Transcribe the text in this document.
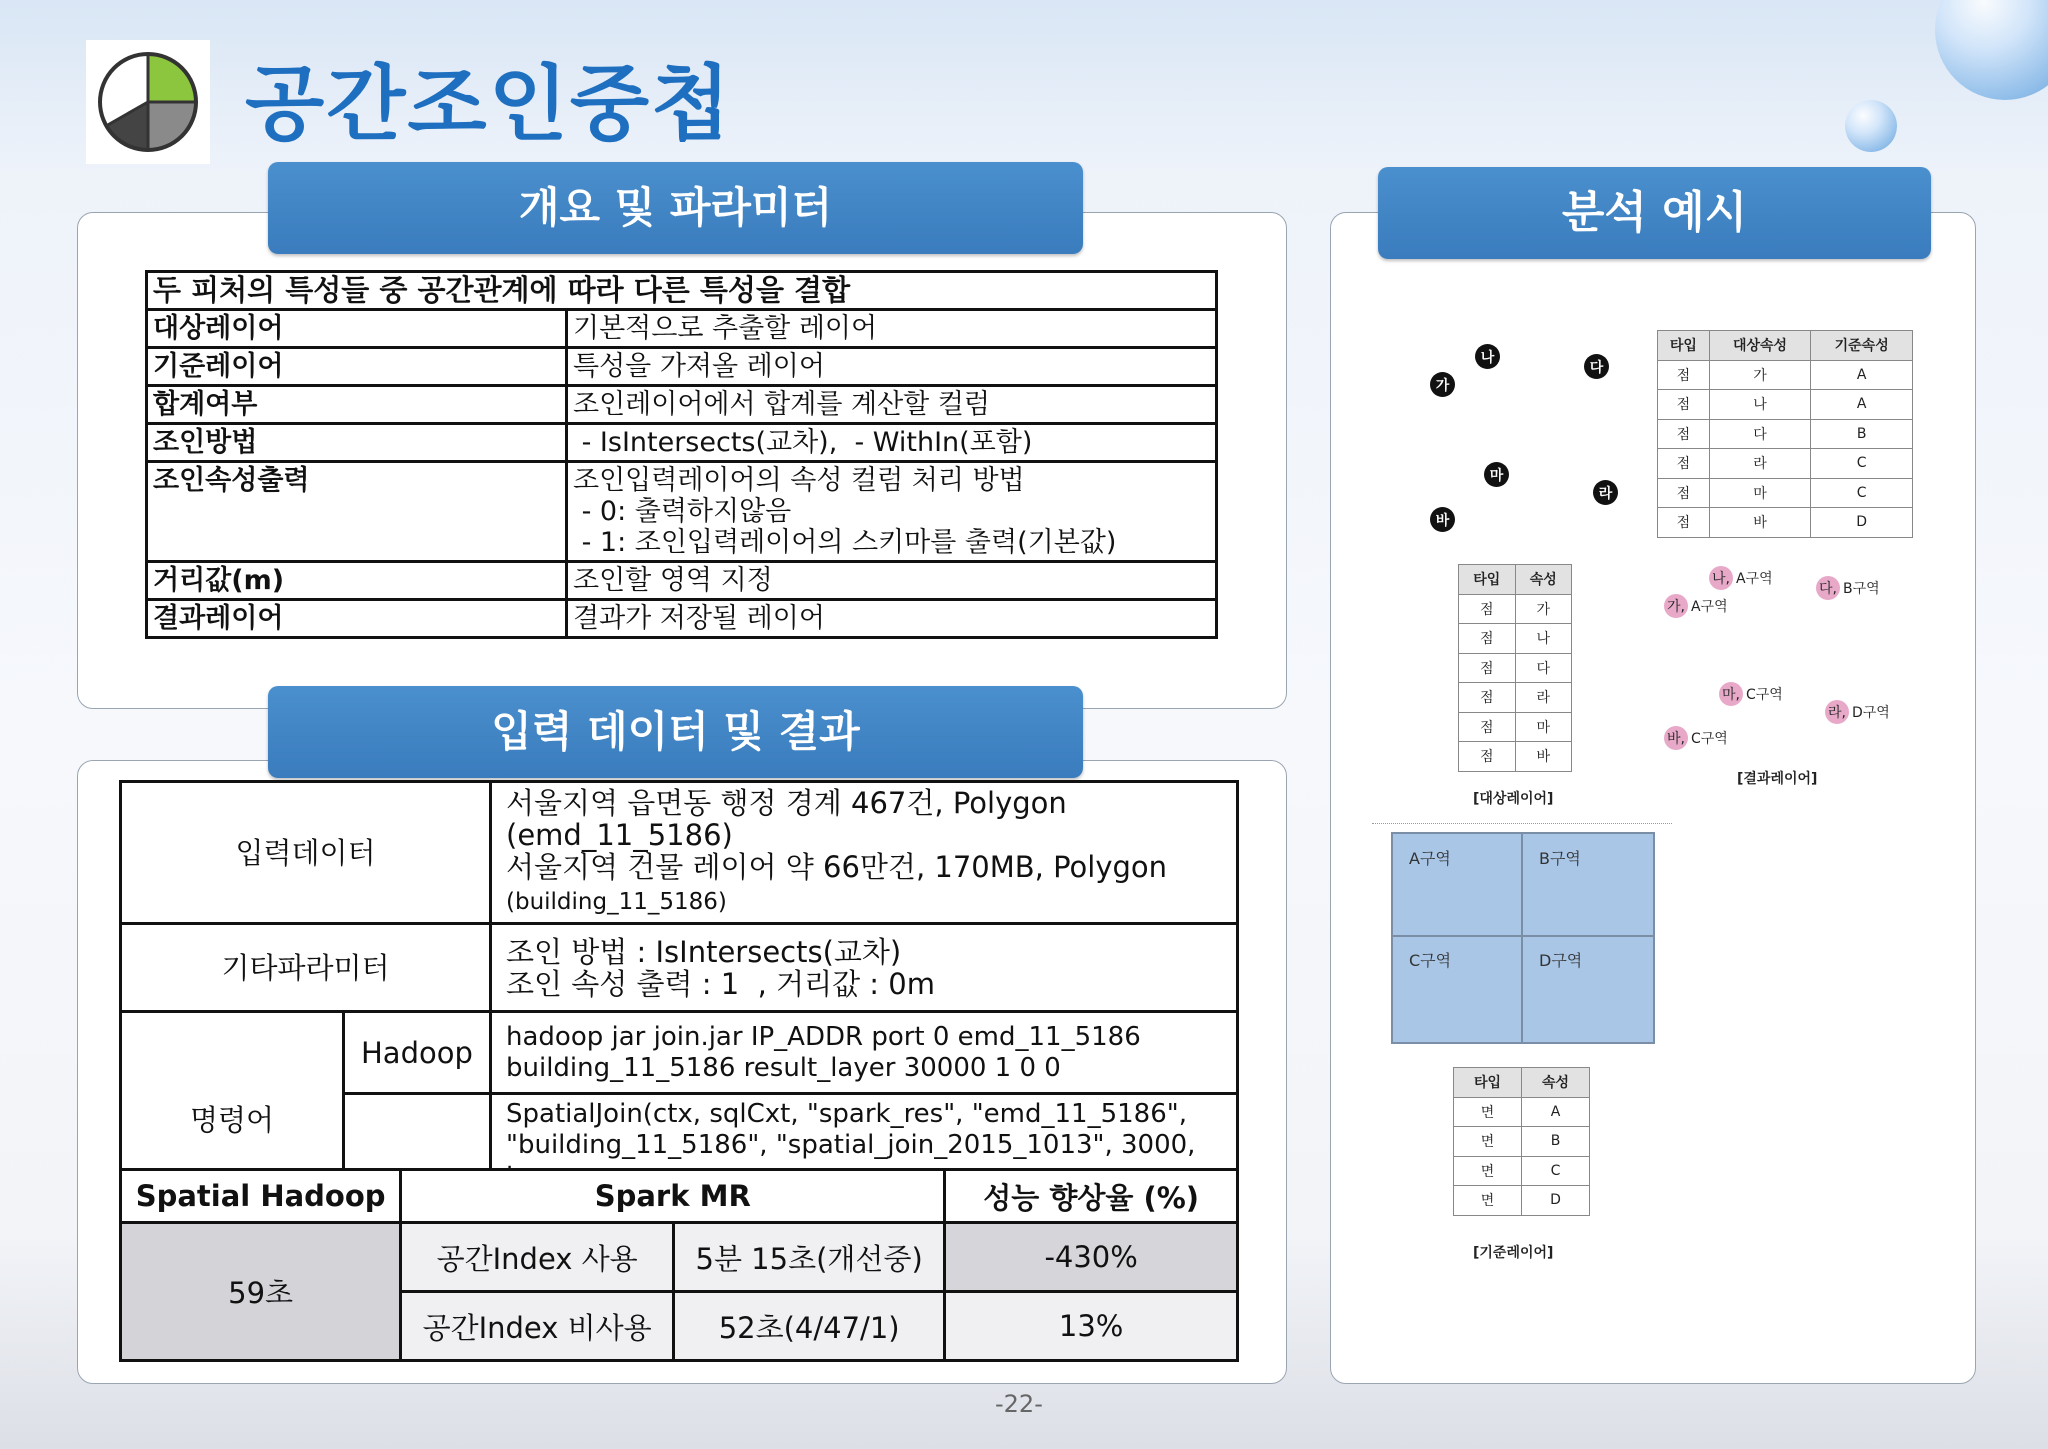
공간조인중첩
개요 및 파라미터
두 피처의 특성들 중 공간관계에 따라 다른 특성을 결합	
대상레이어	기본적으로 추출할 레이어
기준레이어	특성을 가져올 레이어
합계여부	조인레이어에서 합계를 계산할 컬럼
조인방법	- IsIntersects(교차),  - WithIn(포함)
조인속성출력	조인입력레이어의 속성 컬럼 처리 방법
- 0: 출력하지않음
- 1: 조인입력레이어의 스키마를 출력(기본값)

거리값(m)	조인할 영역 지정
결과레이어	결과가 저장될 레이어
입력 데이터 및 결과
입력데이터		서울지역 읍면동 행정 경계 467건, Polygon (emd_11_5186)
서울지역 건물 레이어 약 66만건, 170MB, Polygon (building_11_5186)

기타파라미터		조인 방법 : IsIntersects(교차)
조인 속성 출력 : 1  , 거리값 : 0m

명령어	Hadoop	hadoop jar join.jar IP_ADDR port 0 emd_11_5186
building_11_5186 result_layer 30000 1 0 0

SpatialJoin(ctx, sqlCxt, "spark_res", "emd_11_5186",
"building_11_5186", "spatial_join_2015_1013", 3000,
Spatial Hadoop	Spark MR		성능 향상율 (%)
59초	공간Index 사용	5분 15초(개선중)	-430%
	공간Index 비사용	52초(4/47/1)	13%
분석 예시
가
나
다
라
마
바
타입	대상속성	기준속성
점	가	A
점	나	A
점	다	B
점	라	C
점	마	C
점	바	D
타입	속성
점	가
점	나
점	다
점	라
점	마
점	바
[대상레이어]
나, A구역
가, A구역
다, B구역
마, C구역
라, D구역
바, C구역
[결과레이어]
A구역	B구역
C구역	D구역
타입	속성
면	A
면	B
면	C
면	D
[기준레이어]
-22-
